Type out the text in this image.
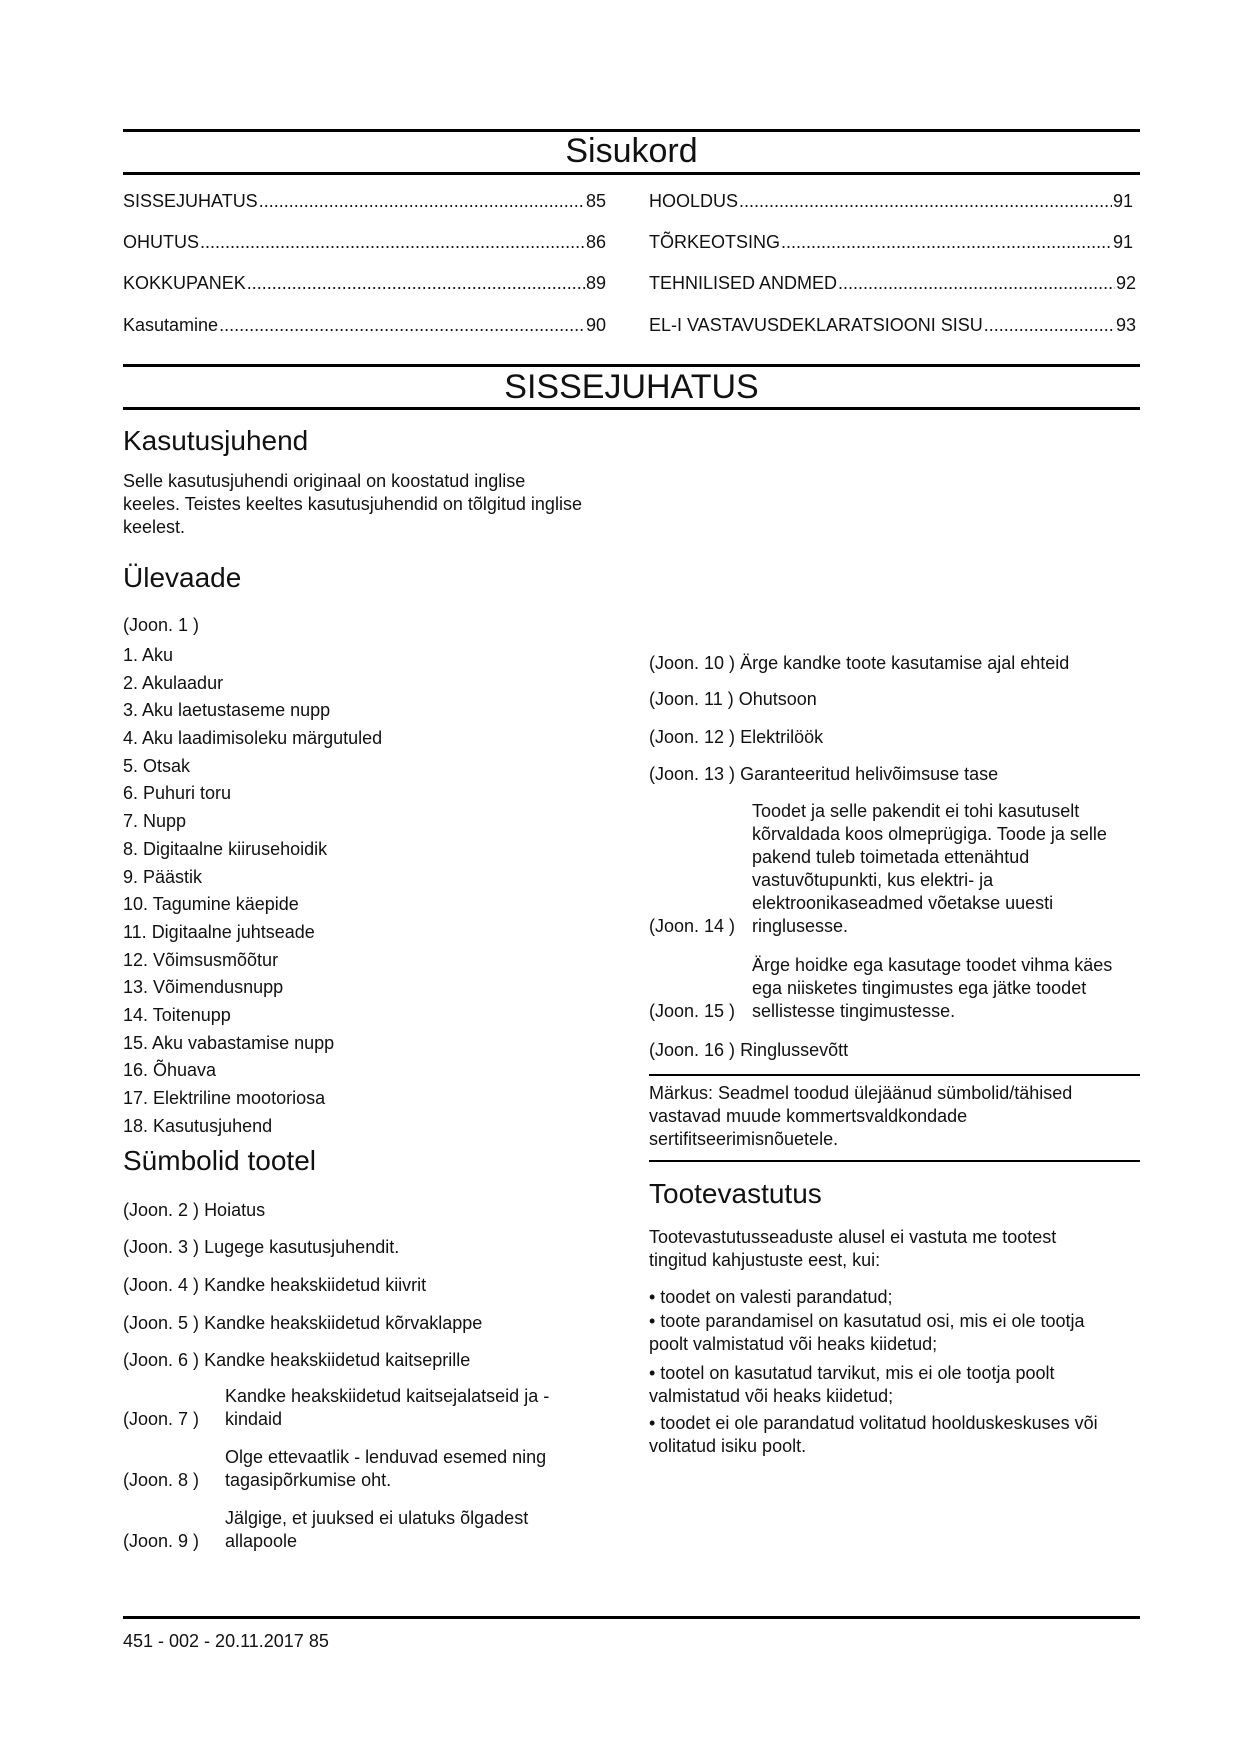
Sisukord
SISSEJUHATUS .....	85
OHUTUS .....	86
KOKKUPANEK .....	89
Kasutamine .....	90
HOOLDUS .....	91
TÕRKEOTSING .....	91
TEHNILISED ANDMED .....	92
EL-I VASTAVUSDEKLARATSIOONI SISU .....	93
SISSEJUHATUS
Kasutusjuhend
Selle kasutusjuhendi originaal on koostatud inglise keeles. Teistes keeltes kasutusjuhendid on tõlgitud inglise keelest.
Ülevaade
(Joon. 1 )
1. Aku
2. Akulaadur
3. Aku laetustaseme nupp
4. Aku laadimisoleku märgutuled
5. Otsak
6. Puhuri toru
7. Nupp
8. Digitaalne kiirusehoidik
9. Päästik
10. Tagumine käepide
11. Digitaalne juhtseade
12. Võimsusmõõtur
13. Võimendusnupp
14. Toitenupp
15. Aku vabastamise nupp
16. Õhuava
17. Elektriline mootoriosa
18. Kasutusjuhend
Sümbolid tootel
(Joon. 2 ) Hoiatus
(Joon. 3 ) Lugege kasutusjuhendit.
(Joon. 4 ) Kandke heakskiidetud kiivrit
(Joon. 5 ) Kandke heakskiidetud kõrvaklappe
(Joon. 6 ) Kandke heakskiidetud kaitseprille
(Joon. 7 )
Kandke heakskiidetud kaitsejalatseid ja -kindaid
(Joon. 8 )
Olge ettevaatlik - lenduvad esemed ning tagasipõrkumise oht.
(Joon. 9 )
Jälgige, et juuksed ei ulatuks õlgadest allapoole
(Joon. 10 ) Ärge kandke toote kasutamise ajal ehteid
(Joon. 11 ) Ohutsoon
(Joon. 12 ) Elektrilöök
(Joon. 13 ) Garanteeritud helivõimsuse tase
(Joon. 14 )
Toodet ja selle pakendit ei tohi kasutuselt kõrvaldada koos olmeprügiga. Toode ja selle pakend tuleb toimetada ettenähtud vastuvõtupunkti, kus elektri- ja elektroonikaseadmed võetakse uuesti ringlusesse.
(Joon. 15 )
Ärge hoidke ega kasutage toodet vihma käes ega niisketes tingimustes ega jätke toodet sellistesse tingimustesse.
(Joon. 16 ) Ringlussevõtt
Märkus: Seadmel toodud ülejäänud sümbolid/tähised vastavad muude kommertsvaldkondade sertifitseerimisnõuetele.
Tootevastutus
Tootevastutusseaduste alusel ei vastuta me tootest tingitud kahjustuste eest, kui:
• toodet on valesti parandatud;
• toote parandamisel on kasutatud osi, mis ei ole tootja poolt valmistatud või heaks kiidetud;
• tootel on kasutatud tarvikut, mis ei ole tootja poolt valmistatud või heaks kiidetud;
• toodet ei ole parandatud volitatud hoolduskeskuses või volitatud isiku poolt.
451 - 002 - 20.11.2017 85
